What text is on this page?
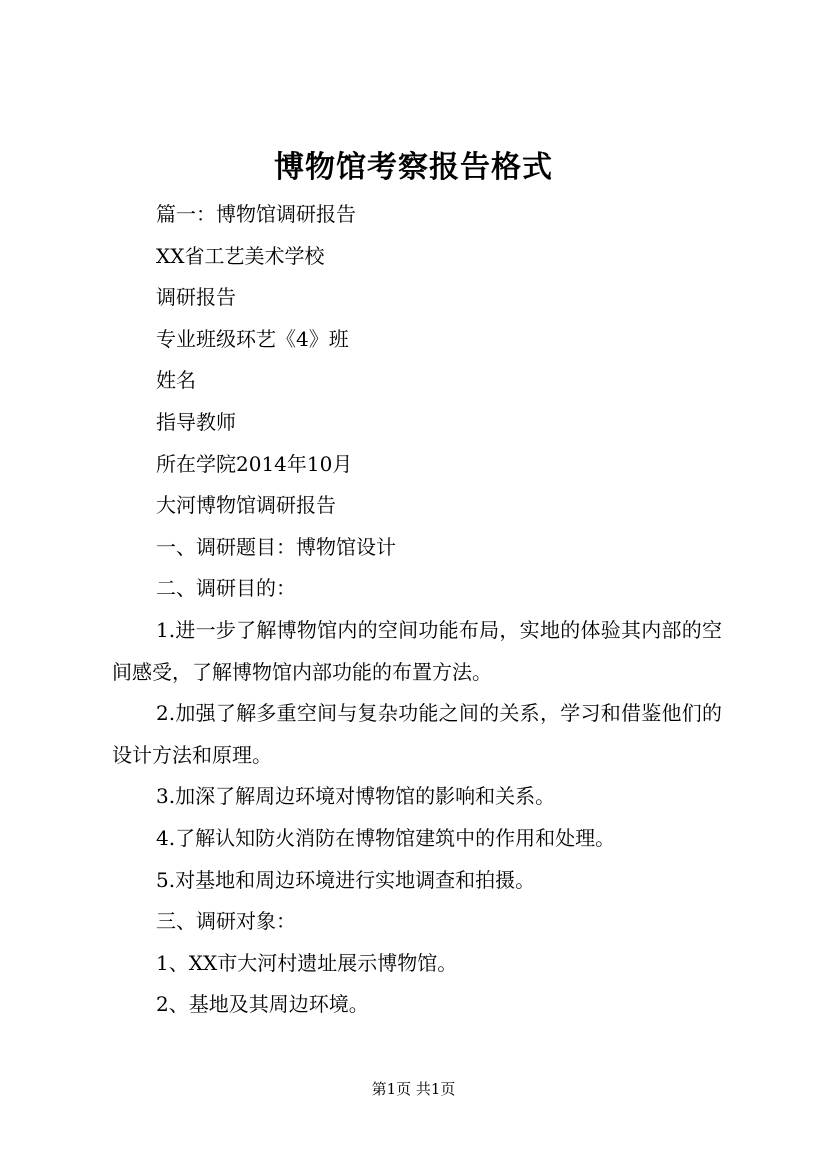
博物馆考察报告格式

篇一：博物馆调研报告

XX省工艺美术学校

调研报告

专业班级环艺《4》班

姓名

指导教师

所在学院2014年10月

大河博物馆调研报告

一、调研题目：博物馆设计

二、调研目的：

1.进一步了解博物馆内的空间功能布局，实地的体验其内部的空间感受，了解博物馆内部功能的布置方法。

2.加强了解多重空间与复杂功能之间的关系，学习和借鉴他们的设计方法和原理。

3.加深了解周边环境对博物馆的影响和关系。

4.了解认知防火消防在博物馆建筑中的作用和处理。

5.对基地和周边环境进行实地调查和拍摄。

三、调研对象：

1、XX市大河村遗址展示博物馆。

2、基地及其周边环境。

第1页 共1页
